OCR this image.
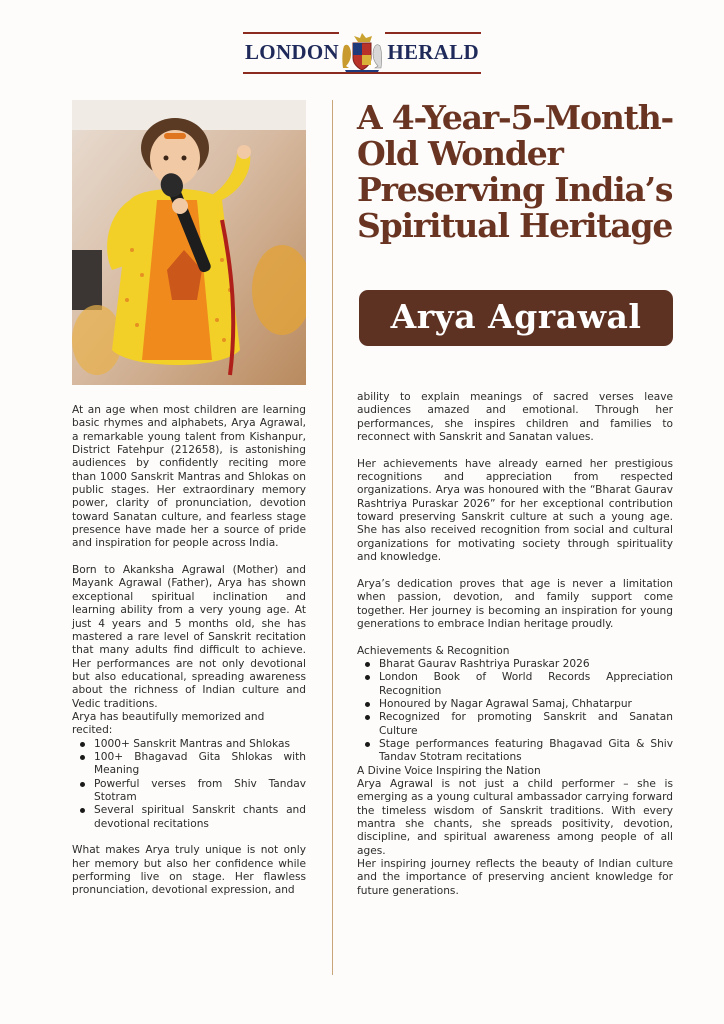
LONDON HERALD
A 4-Year-5-Month-
Old Wonder
Preserving India’s
Spiritual Heritage
Arya Agrawal

At an age when most children are learning basic rhymes and alphabets, Arya Agrawal, a remarkable young talent from Kishanpur, District Fatehpur (212658), is astonishing audiences by confidently reciting more than 1000 Sanskrit Mantras and Shlokas on public stages. Her extraordinary memory power, clarity of pronunciation, devotion toward Sanatan culture, and fearless stage presence have made her a source of pride and inspiration for people across India.

Born to Akanksha Agrawal (Mother) and Mayank Agrawal (Father), Arya has shown exceptional spiritual inclination and learning ability from a very young age. At just 4 years and 5 months old, she has mastered a rare level of Sanskrit recitation that many adults find difficult to achieve. Her performances are not only devotional but also educational, spreading awareness about the richness of Indian culture and Vedic traditions.

Arya has beautifully memorized and recited:
1000+ Sanskrit Mantras and Shlokas
100+ Bhagavad Gita Shlokas with Meaning
Powerful verses from Shiv Tandav Stotram
Several spiritual Sanskrit chants and devotional recitations

What makes Arya truly unique is not only her memory but also her confidence while performing live on stage. Her flawless pronunciation, devotional expression, and

ability to explain meanings of sacred verses leave audiences amazed and emotional. Through her performances, she inspires children and families to reconnect with Sanskrit and Sanatan values.

Her achievements have already earned her prestigious recognitions and appreciation from respected organizations. Arya was honoured with the “Bharat Gaurav Rashtriya Puraskar 2026” for her exceptional contribution toward preserving Sanskrit culture at such a young age. She has also received recognition from social and cultural organizations for motivating society through spirituality and knowledge.

Arya’s dedication proves that age is never a limitation when passion, devotion, and family support come together. Her journey is becoming an inspiration for young generations to embrace Indian heritage proudly.

Achievements & Recognition
Bharat Gaurav Rashtriya Puraskar 2026
London Book of World Records Appreciation Recognition
Honoured by Nagar Agrawal Samaj, Chhatarpur
Recognized for promoting Sanskrit and Sanatan Culture
Stage performances featuring Bhagavad Gita & Shiv Tandav Stotram recitations
A Divine Voice Inspiring the Nation

Arya Agrawal is not just a child performer – she is emerging as a young cultural ambassador carrying forward the timeless wisdom of Sanskrit traditions. With every mantra she chants, she spreads positivity, devotion, discipline, and spiritual awareness among people of all ages.

Her inspiring journey reflects the beauty of Indian culture and the importance of preserving ancient knowledge for future generations.
